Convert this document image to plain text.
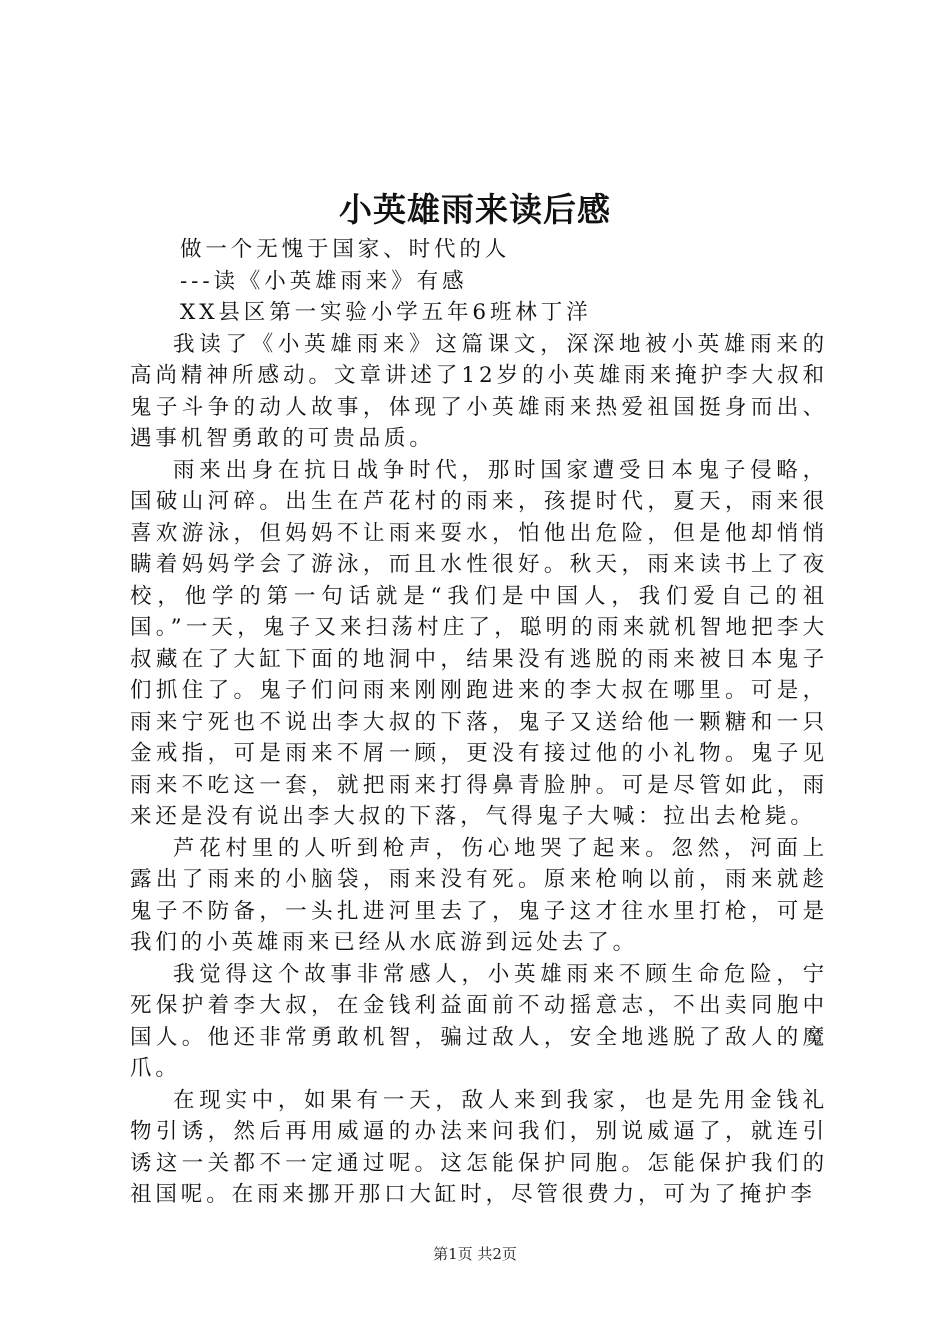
小英雄雨来读后感

做一个无愧于国家、时代的人

---读《小英雄雨来》有感

XX县区第一实验小学五年6班林丁洋

我读了《小英雄雨来》这篇课文，深深地被小英雄雨来的高尚精神所感动。文章讲述了12岁的小英雄雨来掩护李大叔和鬼子斗争的动人故事，体现了小英雄雨来热爱祖国挺身而出、遇事机智勇敢的可贵品质。

雨来出身在抗日战争时代，那时国家遭受日本鬼子侵略，国破山河碎。出生在芦花村的雨来，孩提时代，夏天，雨来很喜欢游泳，但妈妈不让雨来耍水，怕他出危险，但是他却悄悄瞒着妈妈学会了游泳，而且水性很好。秋天，雨来读书上了夜校，他学的第一句话就是“我们是中国人，我们爱自己的祖国。”一天，鬼子又来扫荡村庄了，聪明的雨来就机智地把李大叔藏在了大缸下面的地洞中，结果没有逃脱的雨来被日本鬼子们抓住了。鬼子们问雨来刚刚跑进来的李大叔在哪里。可是，雨来宁死也不说出李大叔的下落，鬼子又送给他一颗糖和一只金戒指，可是雨来不屑一顾，更没有接过他的小礼物。鬼子见雨来不吃这一套，就把雨来打得鼻青脸肿。可是尽管如此，雨来还是没有说出李大叔的下落，气得鬼子大喊：拉出去枪毙。

芦花村里的人听到枪声，伤心地哭了起来。忽然，河面上露出了雨来的小脑袋，雨来没有死。原来枪响以前，雨来就趁鬼子不防备，一头扎进河里去了，鬼子这才往水里打枪，可是我们的小英雄雨来已经从水底游到远处去了。

我觉得这个故事非常感人，小英雄雨来不顾生命危险，宁死保护着李大叔，在金钱利益面前不动摇意志，不出卖同胞中国人。他还非常勇敢机智，骗过敌人，安全地逃脱了敌人的魔爪。

在现实中，如果有一天，敌人来到我家，也是先用金钱礼物引诱，然后再用威逼的办法来问我们，别说威逼了，就连引诱这一关都不一定通过呢。这怎能保护同胞。怎能保护我们的祖国呢。在雨来挪开那口大缸时，尽管很费力，可为了掩护李

第1页 共2页
